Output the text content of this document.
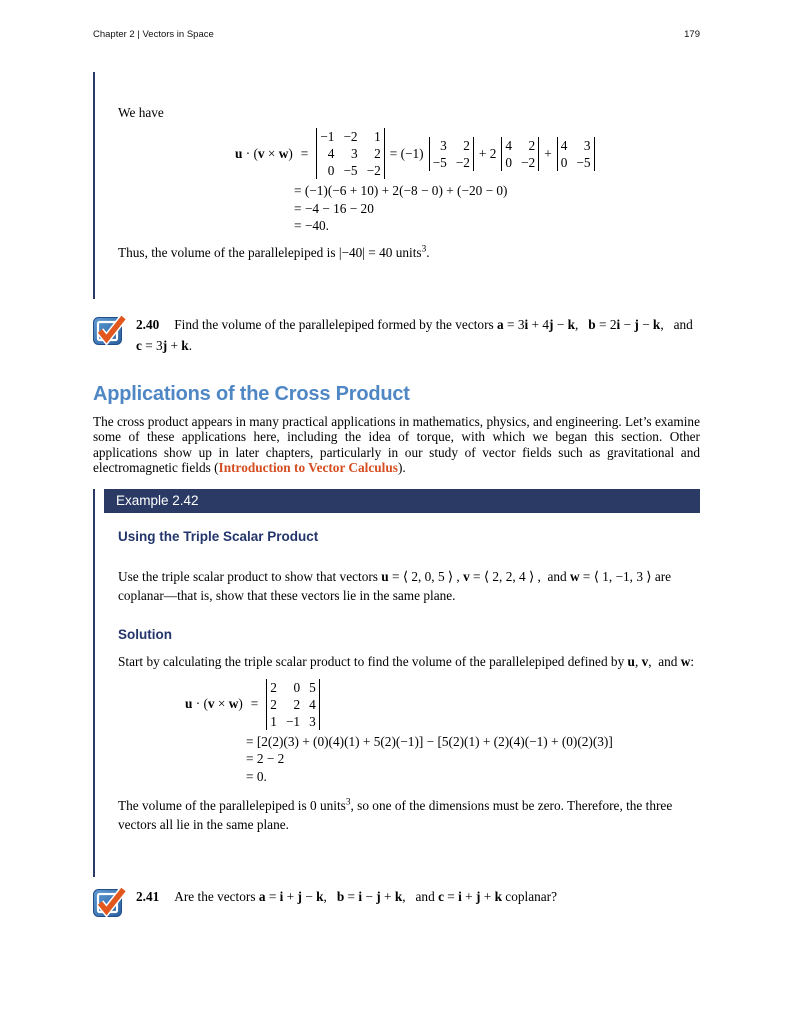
Chapter 2 | Vectors in Space	179

We have

u · (v × w) =
−1 −2 1
4 3 2
0 −5 −2
= (−1)
3 2
−5 −2
+ 2
4 2
0 −2
+
4 3
0 −5
= (−1)(−6 + 10) + 2(−8 − 0) + (−20 − 0)
= −4 − 16 − 20
= −40.

Thus, the volume of the parallelepiped is |−40| = 40 units$^3$.

2.40 Find the volume of the parallelepiped formed by the vectors a = 3i + 4j − k,  b = 2i − j − k,  and c = 3j + k.
Applications of the Cross Product

The cross product appears in many practical applications in mathematics, physics, and engineering. Let’s examine some of these applications here, including the idea of torque, with which we began this section. Other applications show up in later chapters, particularly in our study of vector fields such as gravitational and electromagnetic fields (Introduction to Vector Calculus).

Example 2.42
Using the Triple Scalar Product

Use the triple scalar product to show that vectors u = ⟨ 2, 0, 5 ⟩ , v = ⟨ 2, 2, 4 ⟩ , and w = ⟨ 1, −1, 3 ⟩ are coplanar—that is, show that these vectors lie in the same plane.

Solution

Start by calculating the triple scalar product to find the volume of the parallelepiped defined by u, v, and w:

u · (v × w) =
2 0 5
2 2 4
1 −1 3
= [2(2)(3) + (0)(4)(1) + 5(2)(−1)] − [5(2)(1) + (2)(4)(−1) + (0)(2)(3)]
= 2 − 2
= 0.

The volume of the parallelepiped is 0 units$^3$, so one of the dimensions must be zero. Therefore, the three vectors all lie in the same plane.

2.41 Are the vectors a = i + j − k,  b = i − j + k,  and c = i + j + k coplanar?
